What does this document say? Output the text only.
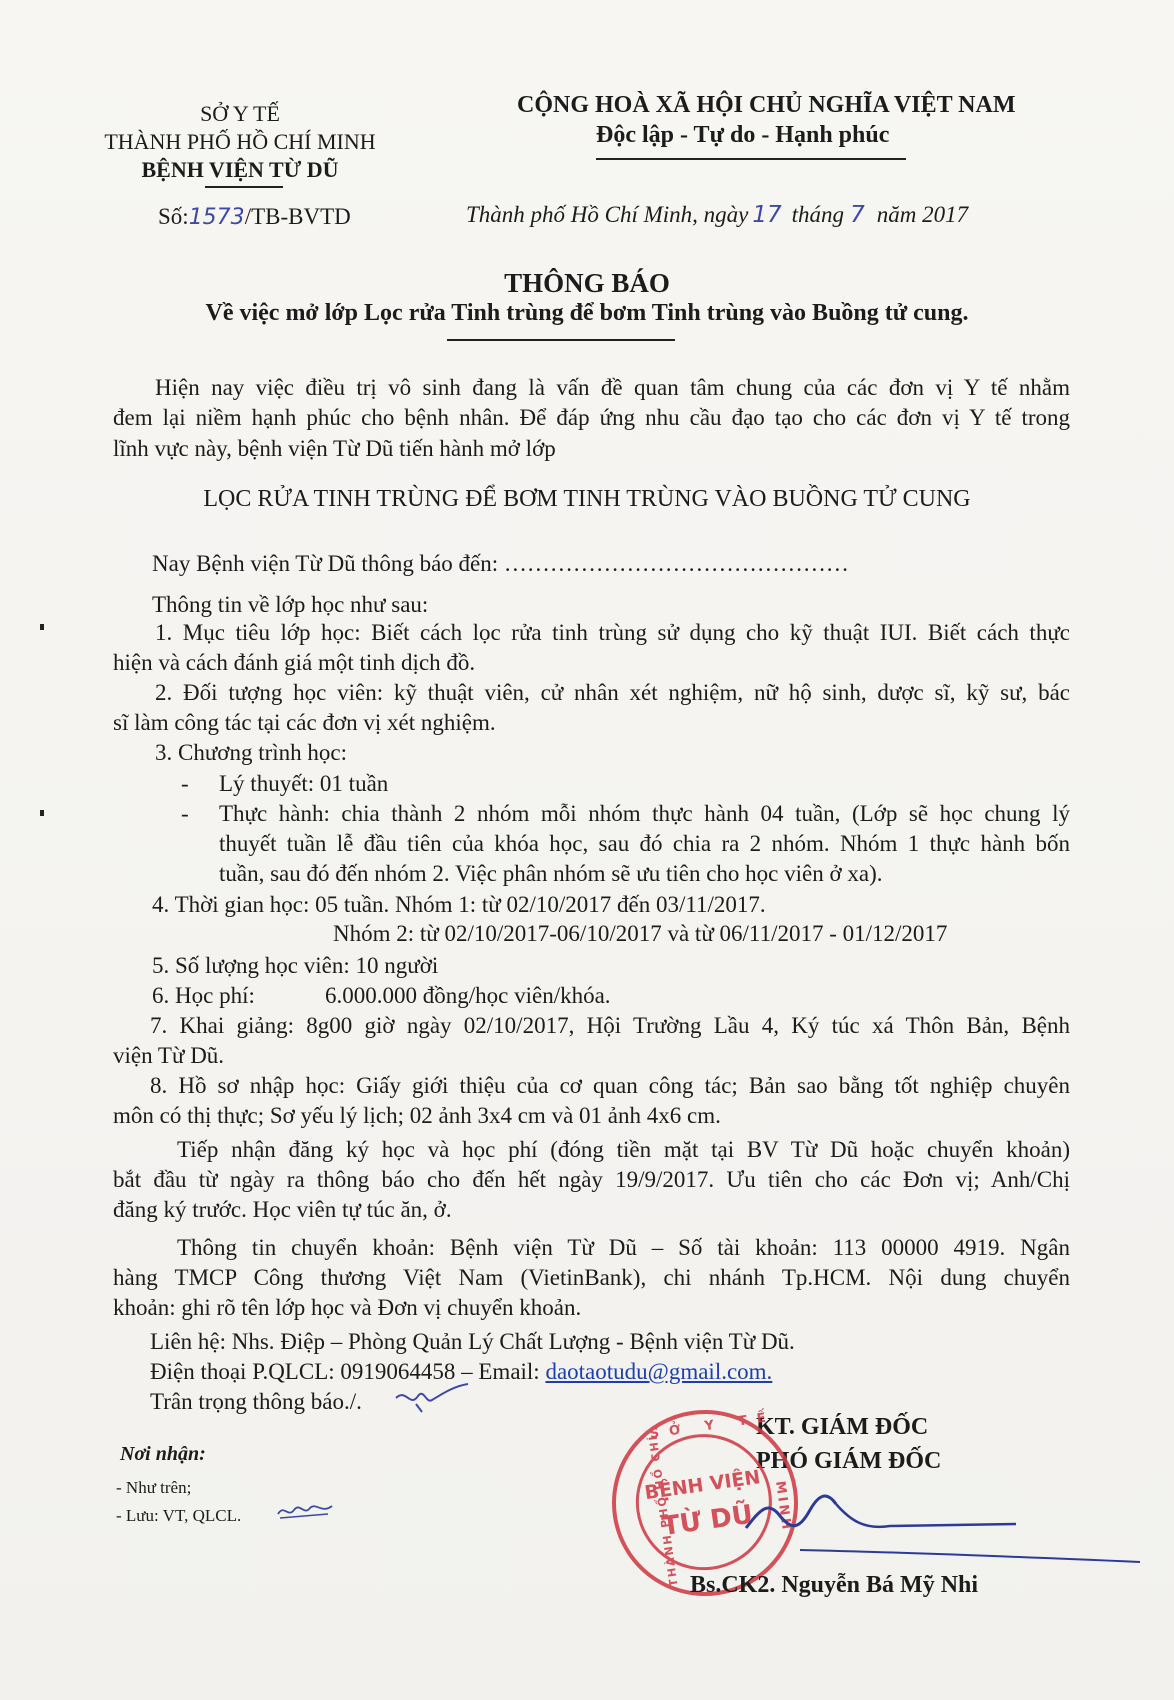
SỞ Y TẾ
THÀNH PHỐ HỒ CHÍ MINH
BỆNH VIỆN TỪ DŨ
Số:1573/TB-BVTD
CỘNG HOÀ XÃ HỘI CHỦ NGHĨA VIỆT NAM
Độc lập - Tự do - Hạnh phúc
Thành phố Hồ Chí Minh, ngày 17 tháng 7 năm 2017
THÔNG BÁO
Về việc mở lớp Lọc rửa Tinh trùng để bơm Tinh trùng vào Buồng tử cung.
Hiện nay việc điều trị vô sinh đang là vấn đề quan tâm chung của các đơn vị Y tế nhằm
đem lại niềm hạnh phúc cho bệnh nhân. Để đáp ứng nhu cầu đạo tạo cho các đơn vị Y tế trong
lĩnh vực này, bệnh viện Từ Dũ tiến hành mở lớp
LỌC RỬA TINH TRÙNG ĐỂ BƠM TINH TRÙNG VÀO BUỒNG TỬ CUNG
Nay Bệnh viện Từ Dũ thông báo đến: ………………………………………
Thông tin về lớp học như sau:
1. Mục tiêu lớp học: Biết cách lọc rửa tinh trùng sử dụng cho kỹ thuật IUI. Biết cách thực
hiện và cách đánh giá một tinh dịch đồ.
2. Đối tượng học viên: kỹ thuật viên, cử nhân xét nghiệm, nữ hộ sinh, dược sĩ, kỹ sư, bác
sĩ làm công tác tại các đơn vị xét nghiệm.
3. Chương trình học:
- Lý thuyết: 01 tuần
- Thực hành: chia thành 2 nhóm mỗi nhóm thực hành 04 tuần, (Lớp sẽ học chung lý
thuyết tuần lễ đầu tiên của khóa học, sau đó chia ra 2 nhóm. Nhóm 1 thực hành bốn
tuần, sau đó đến nhóm 2. Việc phân nhóm sẽ ưu tiên cho học viên ở xa).
4. Thời gian học: 05 tuần. Nhóm 1: từ 02/10/2017 đến 03/11/2017.
Nhóm 2: từ 02/10/2017-06/10/2017 và từ 06/11/2017 - 01/12/2017
5. Số lượng học viên: 10 người
6. Học phí:	6.000.000 đồng/học viên/khóa.
7. Khai giảng: 8g00 giờ ngày 02/10/2017, Hội Trường Lầu 4, Ký túc xá Thôn Bản, Bệnh
viện Từ Dũ.
8. Hồ sơ nhập học: Giấy giới thiệu của cơ quan công tác; Bản sao bằng tốt nghiệp chuyên
môn có thị thực; Sơ yếu lý lịch; 02 ảnh 3x4 cm và 01 ảnh 4x6 cm.
Tiếp nhận đăng ký học và học phí (đóng tiền mặt tại BV Từ Dũ hoặc chuyển khoản)
bắt đầu từ ngày ra thông báo cho đến hết ngày 19/9/2017. Ưu tiên cho các Đơn vị; Anh/Chị
đăng ký trước. Học viên tự túc ăn, ở.
Thông tin chuyển khoản: Bệnh viện Từ Dũ – Số tài khoản: 113 00000 4919. Ngân
hàng TMCP Công thương Việt Nam (VietinBank), chi nhánh Tp.HCM. Nội dung chuyển
khoản: ghi rõ tên lớp học và Đơn vị chuyển khoản.
Liên hệ: Nhs. Điệp – Phòng Quản Lý Chất Lượng - Bệnh viện Từ Dũ.
Điện thoại P.QLCL: 0919064458 – Email: daotaotudu@gmail.com.
Trân trọng thông báo./.
Nơi nhận:
- Như trên;
- Lưu: VT, QLCL.
KT. GIÁM ĐỐC
PHÓ GIÁM ĐỐC
SỞ Y TẾ
MINH
THÀNH PHỐ HỒ CHÍ
BỆNH VIỆN
TỪ DŨ
Bs.CK2. Nguyễn Bá Mỹ Nhi
